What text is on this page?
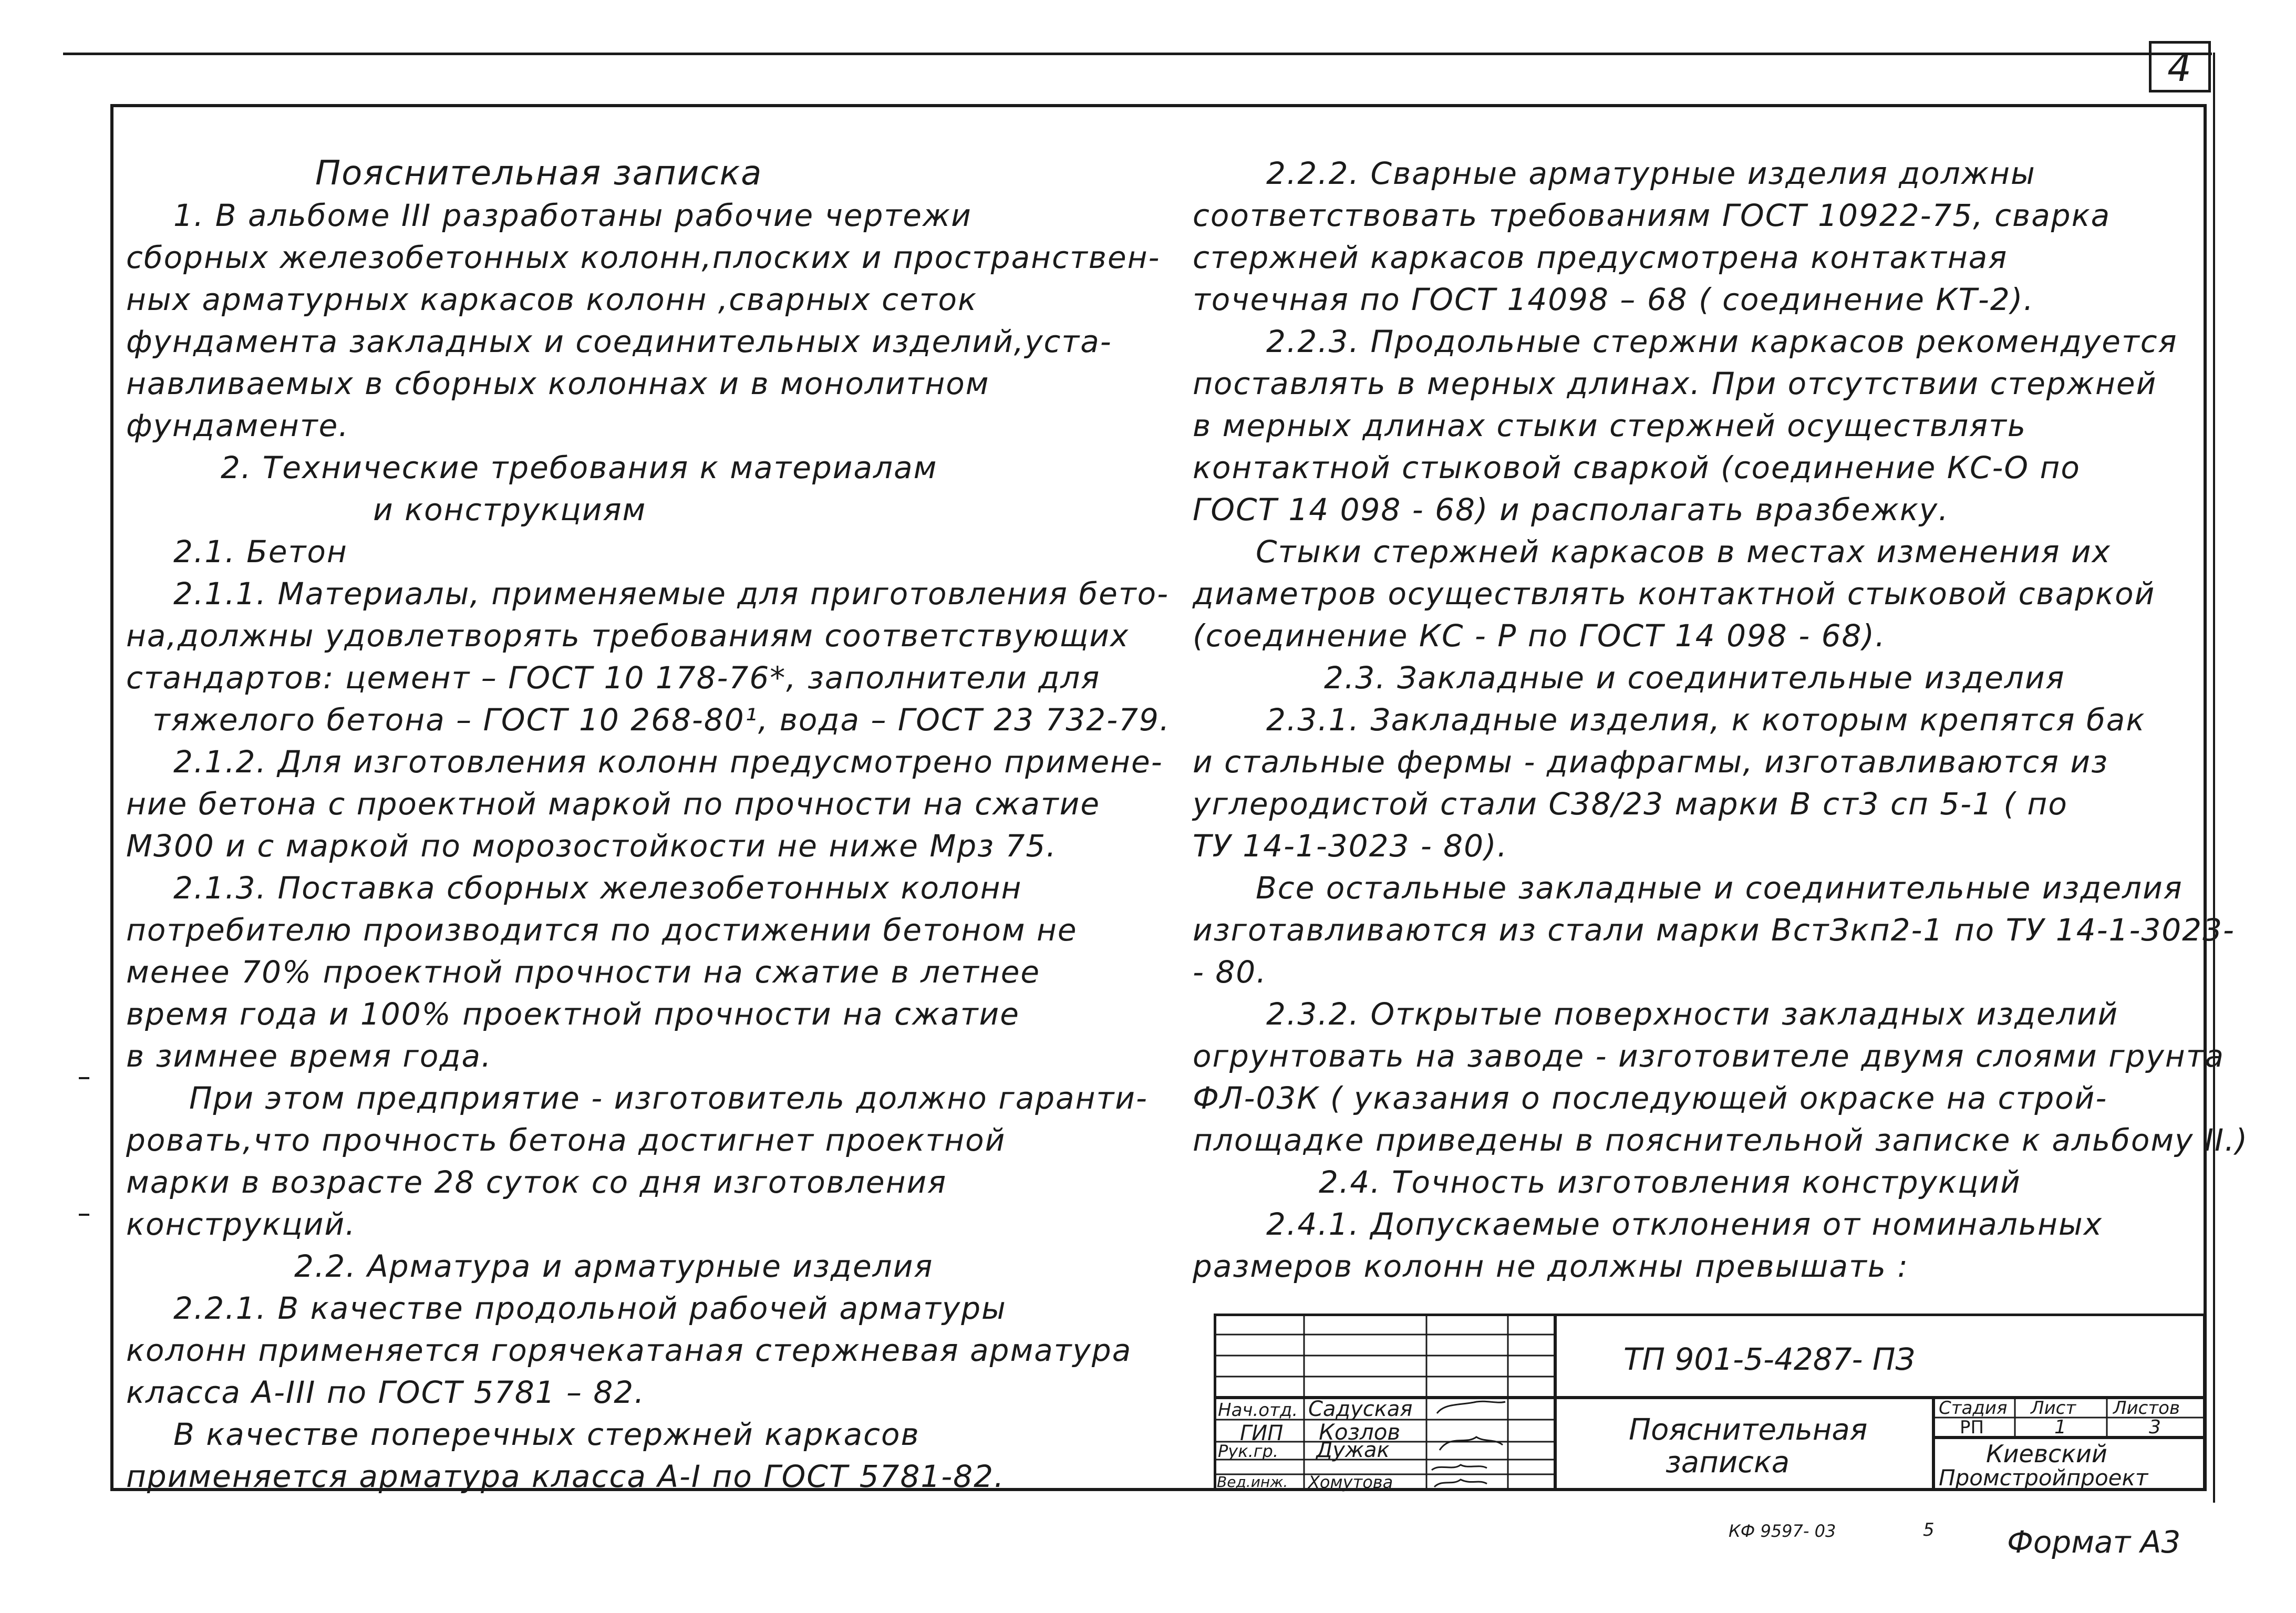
4
Пояснительная записка
1. В альбоме III разработаны рабочие чертежи
сборных железобетонных колонн,плоских и пространствен-
ных арматурных каркасов колонн ,сварных сеток
фундамента закладных и соединительных изделий,уста-
навливаемых в сборных колоннах и в монолитном
фундаменте.
2. Технические требования к материалам
и конструкциям
2.1. Бетон
2.1.1. Материалы, применяемые для приготовления бето-
на,должны удовлетворять требованиям соответствующих
стандартов: цемент – ГОСТ 10 178-76*, заполнители для
тяжелого бетона – ГОСТ 10 268-80¹, вода – ГОСТ 23 732-79.
2.1.2. Для изготовления колонн предусмотрено примене-
ние бетона с проектной маркой по прочности на сжатие
М300 и с маркой по морозостойкости не ниже Мрз 75.
2.1.3. Поставка сборных железобетонных колонн
потребителю производится по достижении бетоном не
менее 70% проектной прочности на сжатие в летнее
время года и 100% проектной прочности на сжатие
в зимнее время года.
При этом предприятие - изготовитель должно гаранти-
ровать,что прочность бетона достигнет проектной
марки в возрасте 28 суток со дня изготовления
конструкций.
2.2. Арматура и арматурные изделия
2.2.1. В качестве продольной рабочей арматуры
колонн применяется горячекатаная стержневая арматура
класса А-III по ГОСТ 5781 – 82.
В качестве поперечных стержней каркасов
применяется арматура класса А-I по ГОСТ 5781-82.
2.2.2. Сварные арматурные изделия должны
соответствовать требованиям ГОСТ 10922-75, сварка
стержней каркасов предусмотрена контактная
точечная по ГОСТ 14098 – 68 ( соединение КТ-2).
2.2.3. Продольные стержни каркасов рекомендуется
поставлять в мерных длинах. При отсутствии стержней
в мерных длинах стыки стержней осуществлять
контактной стыковой сваркой (соединение КС-О по
ГОСТ 14 098 - 68) и располагать вразбежку.
Стыки стержней каркасов в местах изменения их
диаметров осуществлять контактной стыковой сваркой
(соединение КС - Р по ГОСТ 14 098 - 68).
2.3. Закладные и соединительные изделия
2.3.1. Закладные изделия, к которым крепятся бак
и стальные фермы - диафрагмы, изготавливаются из
углеродистой стали С38/23 марки В ст3 сп 5-1 ( по
ТУ 14-1-3023 - 80).
Все остальные закладные и соединительные изделия
изготавливаются из стали марки ВстЗкп2-1 по ТУ 14-1-3023-
- 80.
2.3.2. Открытые поверхности закладных изделий
огрунтовать на заводе - изготовителе двумя слоями грунта
ФЛ-03К ( указания о последующей окраске на строй-
площадке приведены в пояснительной записке к альбому II.)
2.4. Точность изготовления конструкций
2.4.1. Допускаемые отклонения от номинальных
размеров колонн не должны превышать :
ТП 901-5-4287- ПЗ
Нач.отд. Садуская
ГИП Козлов
Рук.гр. Дужак
Вед.инж. Хомутова
Пояснительная
записка
Стадия Лист Листов
РП	1	3
Киевский
Промстройпроект
КФ 9597- 03	5 Формат А3
